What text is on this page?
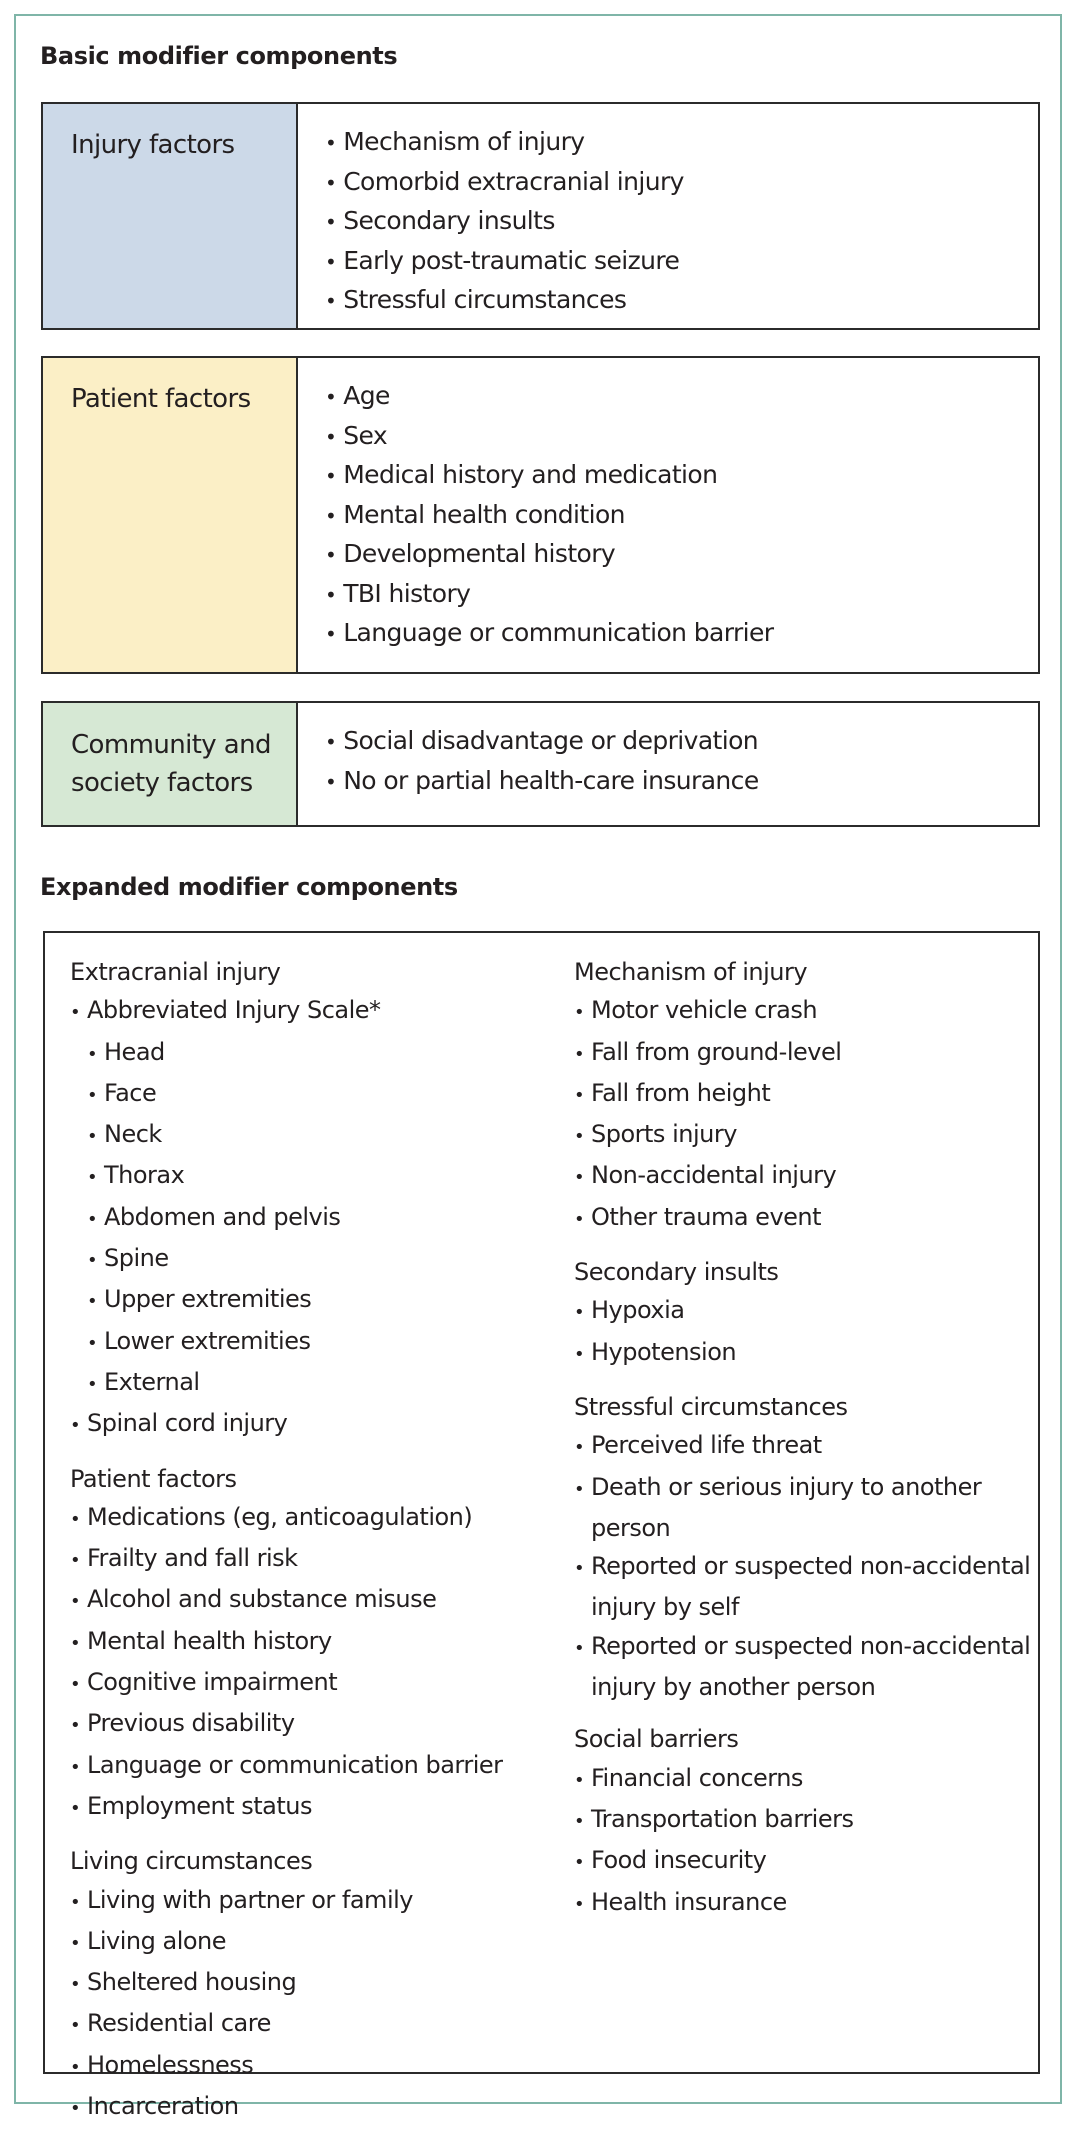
Basic modifier components
Injury factors	• Mechanism of injury
• Comorbid extracranial injury
• Secondary insults
• Early post-traumatic seizure
• Stressful circumstances
Patient factors	• Age
• Sex
• Medical history and medication
• Mental health condition
• Developmental history
• TBI history
• Language or communication barrier
Community and society factors
• Social disadvantage or deprivation
• No or partial health-care insurance
Expanded modifier components
Extracranial injury
• Abbreviated Injury Scale*
• Head
• Face
• Neck
• Thorax
• Abdomen and pelvis
• Spine
• Upper extremities
• Lower extremities
• External
• Spinal cord injury
Patient factors
• Medications (eg, anticoagulation)
• Frailty and fall risk
• Alcohol and substance misuse
• Mental health history
• Cognitive impairment
• Previous disability
• Language or communication barrier
• Employment status
Living circumstances
• Living with partner or family
• Living alone
• Sheltered housing
• Residential care
• Homelessness
• Incarceration
Mechanism of injury
• Motor vehicle crash
• Fall from ground-level
• Fall from height
• Sports injury
• Non-accidental injury
• Other trauma event
Secondary insults
• Hypoxia
• Hypotension
Stressful circumstances
• Perceived life threat
• Death or serious injury to another person
• Reported or suspected non-accidental injury by self
• Reported or suspected non-accidental injury by another person
Social barriers
• Financial concerns
• Transportation barriers
• Food insecurity
• Health insurance
